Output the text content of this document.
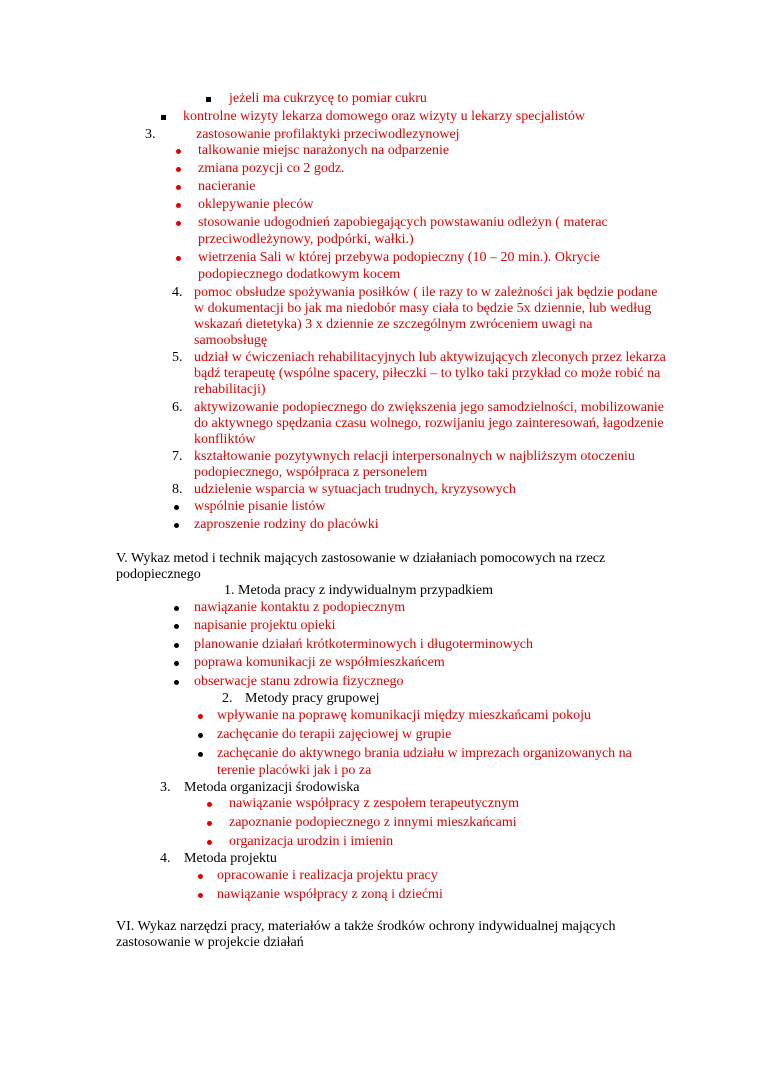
jeżeli ma cukrzycę to pomiar cukru
kontrolne wizyty lekarza domowego oraz wizyty u lekarzy specjalistów
3.	zastosowanie profilaktyki przeciwodlezynowej
talkowanie miejsc narażonych na odparzenie
zmiana pozycji co 2 godz.
nacieranie
oklepywanie pleców
stosowanie udogodnień zapobiegających powstawaniu odleżyn ( materac
przeciwodleżynowy, podpórki, wałki.)
wietrzenia Sali w której przebywa podopieczny (10 – 20 min.). Okrycie
podopiecznego dodatkowym kocem
4. pomoc obsłudze spożywania posiłków ( ile razy to w zależności jak będzie podane
w dokumentacji bo jak ma niedobór masy ciała to będzie 5x dziennie, lub według
wskazań dietetyka) 3 x dziennie ze szczególnym zwróceniem uwagi na
samoobsługę
5. udział w ćwiczeniach rehabilitacyjnych lub aktywizujących zleconych przez lekarza
bądź terapeutę (wspólne spacery, piłeczki – to tylko taki przykład co może robić na
rehabilitacji)
6. aktywizowanie podopiecznego do zwiększenia jego samodzielności, mobilizowanie
do aktywnego spędzania czasu wolnego, rozwijaniu jego zainteresowań, łagodzenie
konfliktów
7. kształtowanie pozytywnych relacji interpersonalnych w najbliższym otoczeniu
podopiecznego, współpraca z personelem
8. udzielenie wsparcia w sytuacjach trudnych, kryzysowych
wspólnie pisanie listów
zaproszenie rodziny do placówki
V. Wykaz metod i technik mających zastosowanie w działaniach pomocowych na rzecz
podopiecznego
1. Metoda pracy z indywidualnym przypadkiem
nawiązanie kontaktu z podopiecznym
napisanie projektu opieki
planowanie działań krótkoterminowych i długoterminowych
poprawa komunikacji ze współmieszkańcem
obserwacje stanu zdrowia fizycznego
2. Metody pracy grupowej
wpływanie na poprawę komunikacji między mieszkańcami pokoju
zachęcanie do terapii zajęciowej w grupie
zachęcanie do aktywnego brania udziału w imprezach organizowanych na
terenie placówki jak i po za
3. Metoda organizacji środowiska
nawiązanie współpracy z zespołem terapeutycznym
zapoznanie podopiecznego z innymi mieszkańcami
organizacja urodzin i imienin
4. Metoda projektu
opracowanie i realizacja projektu pracy
nawiązanie współpracy z zoną i dziećmi
VI. Wykaz narzędzi pracy, materiałów a także środków ochrony indywidualnej mających
zastosowanie w projekcie działań
